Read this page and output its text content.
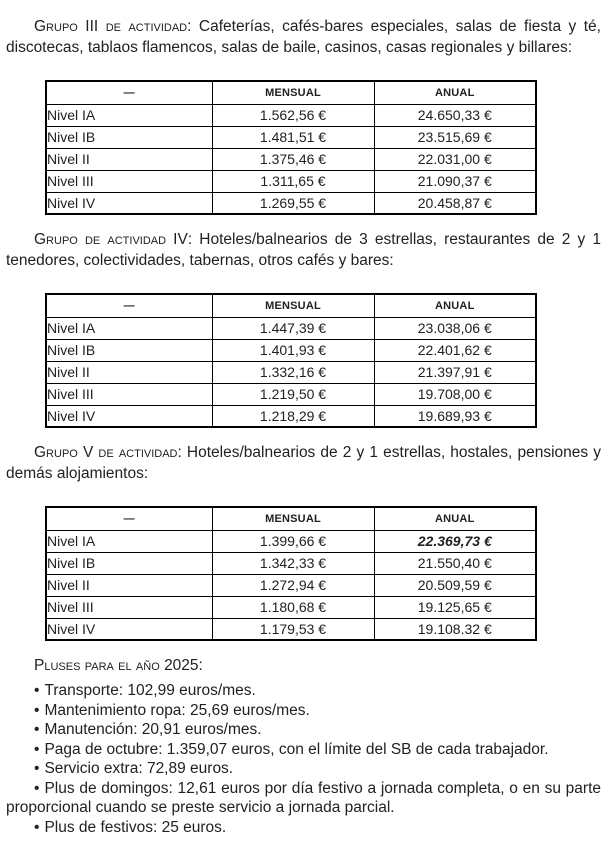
Grupo III de actividad: Cafeterías, cafés-bares especiales, salas de fiesta y té, discotecas, tablaos flamencos, salas de baile, casinos, casas regionales y billares:

—	MENSUAL	ANUAL
Nivel IA	1.562,56 €	24.650,33 €
Nivel IB	1.481,51 €	23.515,69 €
Nivel II	1.375,46 €	22.031,00 €
Nivel III	1.311,65 €	21.090,37 €
Nivel IV	1.269,55 €	20.458,87 €

Grupo de actividad IV: Hoteles/balnearios de 3 estrellas, restaurantes de 2 y 1 tenedores, colectividades, tabernas, otros cafés y bares:

—	MENSUAL	ANUAL
Nivel IA	1.447,39 €	23.038,06 €
Nivel IB	1.401,93 €	22.401,62 €
Nivel II	1.332,16 €	21.397,91 €
Nivel III	1.219,50 €	19.708,00 €
Nivel IV	1.218,29 €	19.689,93 €

Grupo V de actividad: Hoteles/balnearios de 2 y 1 estrellas, hostales, pensiones y demás alojamientos:

—	MENSUAL	ANUAL
Nivel IA	1.399,66 €	22.369,73 €
Nivel IB	1.342,33 €	21.550,40 €
Nivel II	1.272,94 €	20.509,59 €
Nivel III	1.180,68 €	19.125,65 €
Nivel IV	1.179,53 €	19.108.32 €

Pluses para el año 2025:

• Transporte: 102,99 euros/mes.

• Mantenimiento ropa: 25,69 euros/mes.

• Manutención: 20,91 euros/mes.

• Paga de octubre: 1.359,07 euros, con el límite del SB de cada trabajador.

• Servicio extra: 72,89 euros.

• Plus de domingos: 12,61 euros por día festivo a jornada completa, o en su parte proporcional cuando se preste servicio a jornada parcial.

• Plus de festivos: 25 euros.
